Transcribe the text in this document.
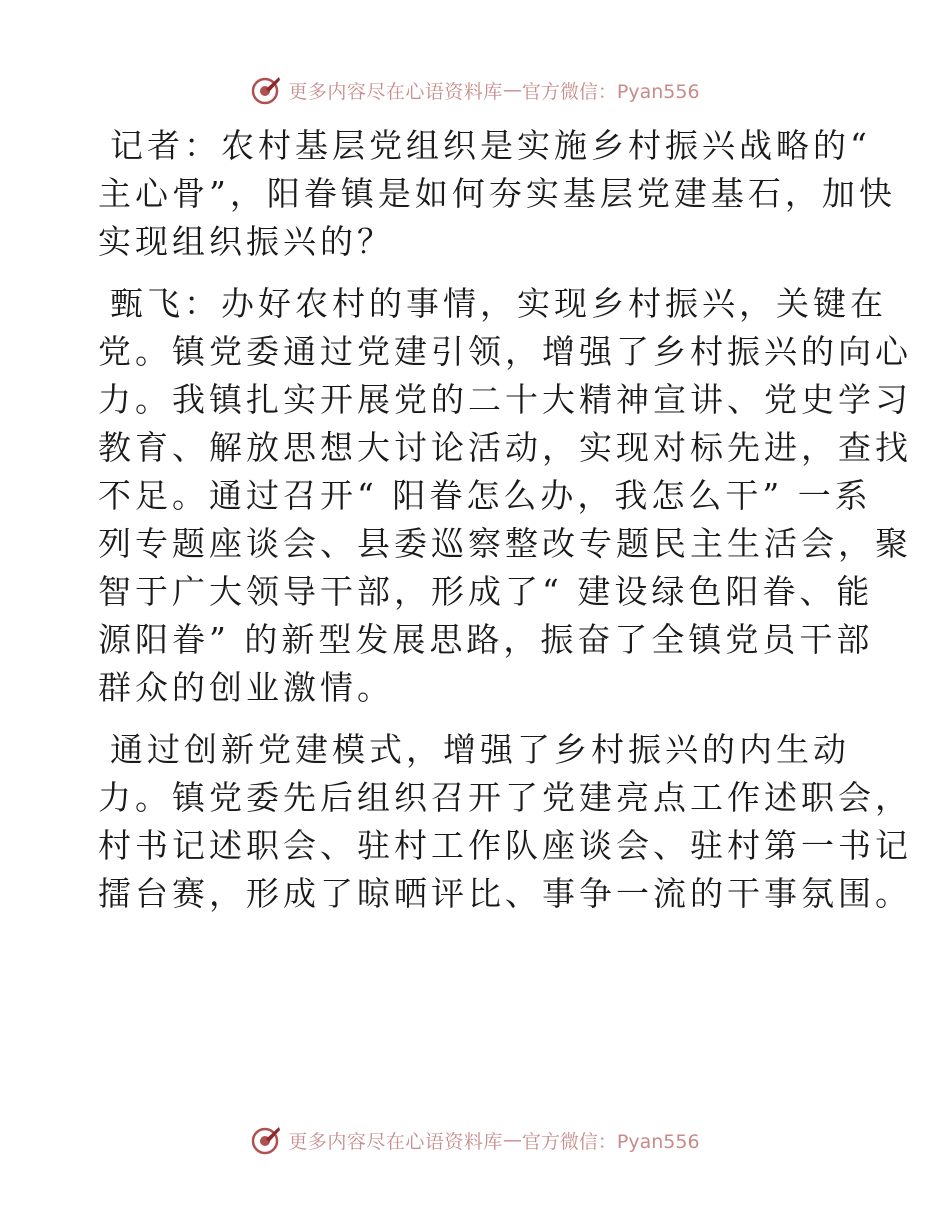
更多内容尽在心语资料库 — 官方微信：Pyan556
记者：农村基层党组织是实施乡村振兴战略的“
主心骨”，阳眷镇是如何夯实基层党建基石，加快
实现组织振兴的？
甄飞：办好农村的事情，实现乡村振兴，关键在
党。镇党委通过党建引领，增强了乡村振兴的向心
力。我镇扎实开展党的二十大精神宣讲、党史学习
教育、解放思想大讨论活动，实现对标先进，查找
不足。通过召开“ 阳眷怎么办，我怎么干” 一系
列专题座谈会、县委巡察整改专题民主生活会，聚
智于广大领导干部，形成了“ 建设绿色阳眷、能
源阳眷” 的新型发展思路，振奋了全镇党员干部
群众的创业激情。
通过创新党建模式，增强了乡村振兴的内生动
力。镇党委先后组织召开了党建亮点工作述职会，
村书记述职会、驻村工作队座谈会、驻村第一书记
擂台赛，形成了晾晒评比、事争一流的干事氛围。
更多内容尽在心语资料库 — 官方微信：Pyan556
